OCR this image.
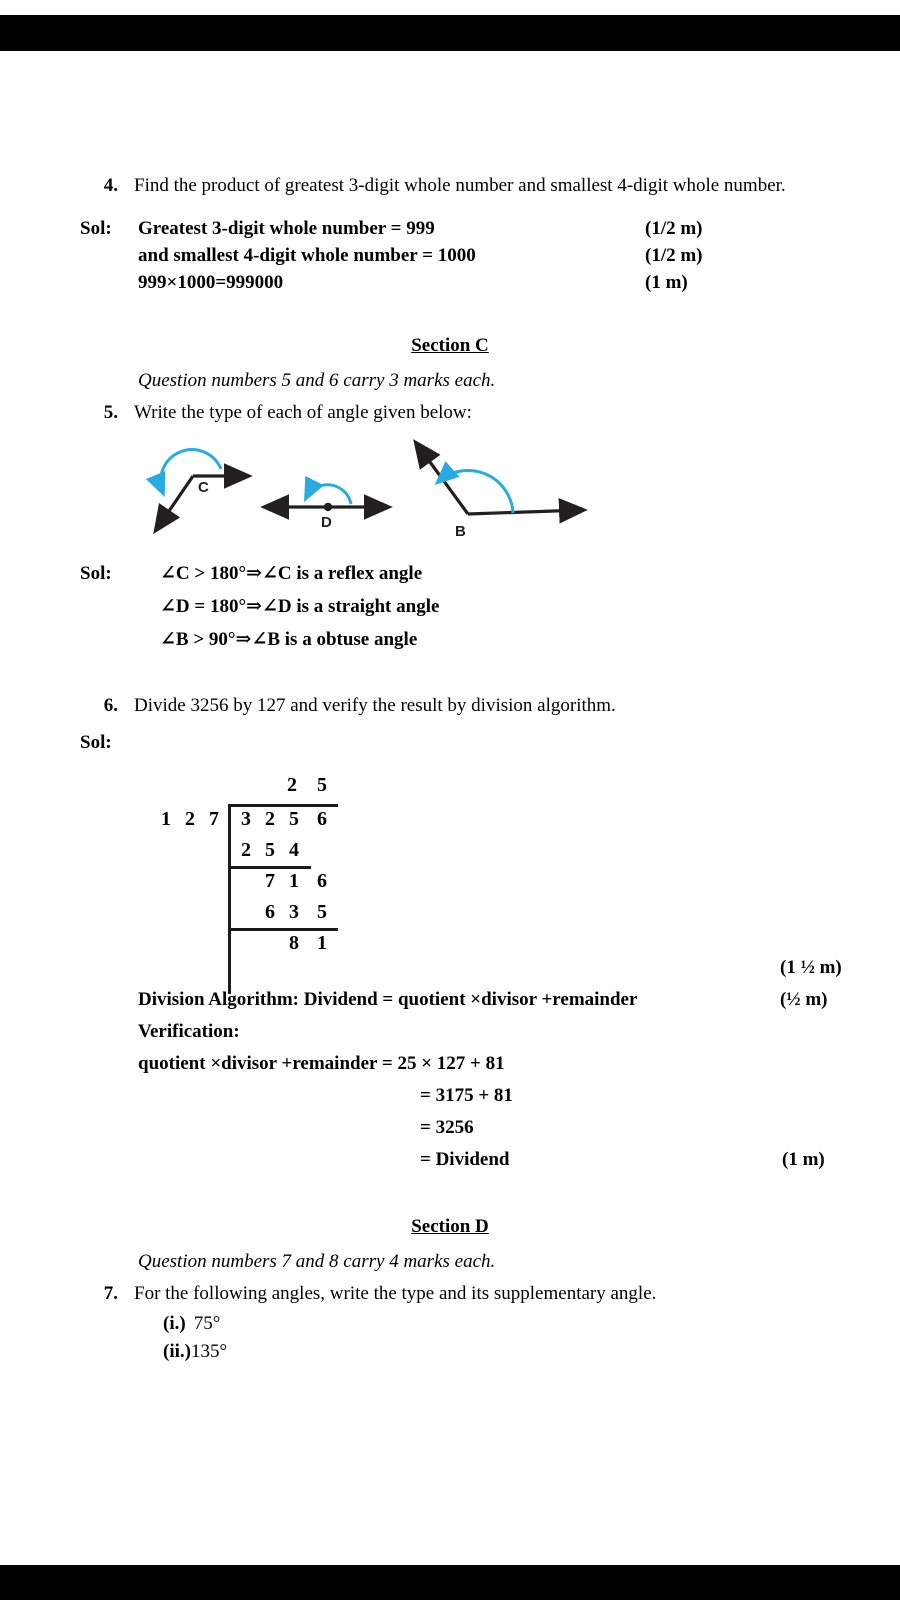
4. Find the product of greatest 3-digit whole number and smallest 4-digit whole number.
Sol:	Greatest 3-digit whole number = 999	(1/2 m)
and smallest 4-digit whole number = 1000	(1/2 m)
999×1000=999000	(1 m)
Section C
Question numbers 5 and 6 carry 3 marks each.
5. Write the type of each of angle given below:
C
D
B
Sol:	∠C > 180°⇒∠C is a reflex angle
∠D = 180°⇒∠D is a straight angle
∠B > 90°⇒∠B is a obtuse angle
6. Divide 3256 by 127 and verify the result by division algorithm.
Sol:
1 2 7
2	5
3 2 5 6
2 5 4
7 1 6
6 3 5
8 1
(1 ½ m)
Division Algorithm: Dividend = quotient ×divisor +remainder	(½ m)
Verification:
quotient ×divisor +remainder = 25 × 127 + 81
= 3175 + 81
= 3256
= Dividend	(1 m)
Section D
Question numbers 7 and 8 carry 4 marks each.
7. For the following angles, write the type and its supplementary angle.
(i.) 75°
(ii.)135°
